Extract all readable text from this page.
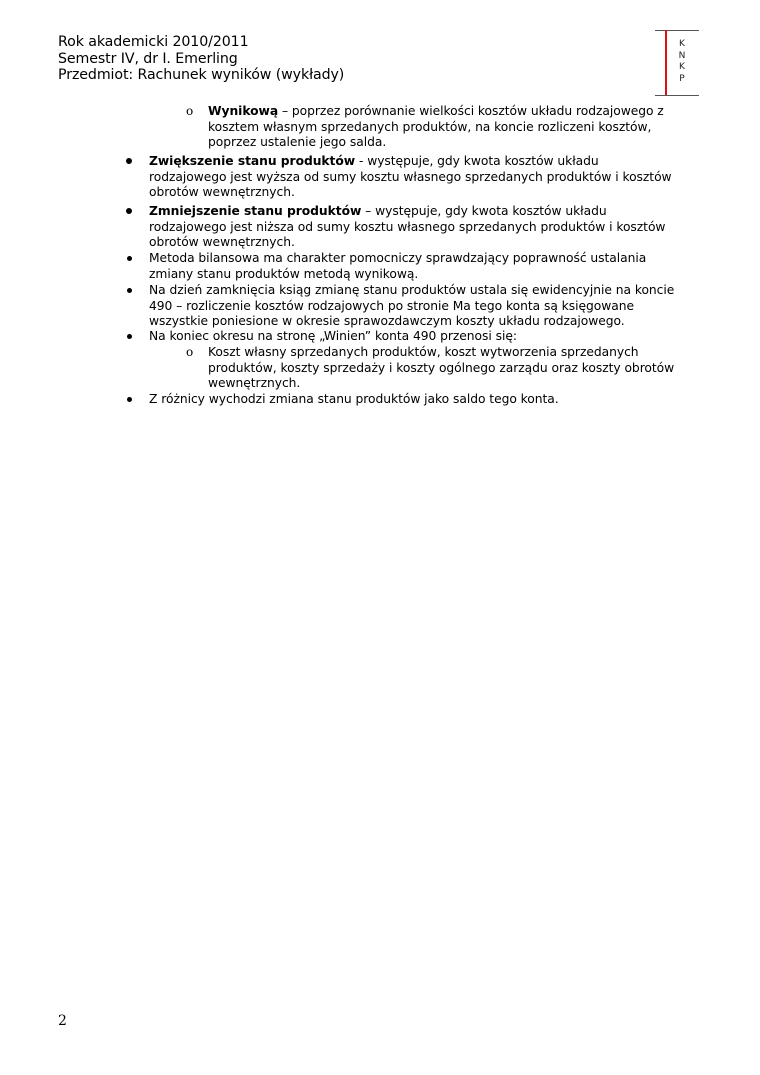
Rok akademicki 2010/2011
Semestr IV, dr I. Emerling
Przedmiot: Rachunek wyników (wykłady)
K
N
K
P
o Wynikową – poprzez porównanie wielkości kosztów układu rodzajowego z
kosztem własnym sprzedanych produktów, na koncie rozliczeni kosztów,
poprzez ustalenie jego salda.
Zwiększenie stanu produktów - występuje, gdy kwota kosztów układu
rodzajowego jest wyższa od sumy kosztu własnego sprzedanych produktów i kosztów
obrotów wewnętrznych.
Zmniejszenie stanu produktów – występuje, gdy kwota kosztów układu
rodzajowego jest niższa od sumy kosztu własnego sprzedanych produktów i kosztów
obrotów wewnętrznych.
Metoda bilansowa ma charakter pomocniczy sprawdzający poprawność ustalania
zmiany stanu produktów metodą wynikową.
Na dzień zamknięcia ksiąg zmianę stanu produktów ustala się ewidencyjnie na koncie
490 – rozliczenie kosztów rodzajowych po stronie Ma tego konta są księgowane
wszystkie poniesione w okresie sprawozdawczym koszty układu rodzajowego.
Na koniec okresu na stronę „Winien” konta 490 przenosi się:
o Koszt własny sprzedanych produktów, koszt wytworzenia sprzedanych
produktów, koszty sprzedaży i koszty ogólnego zarządu oraz koszty obrotów
wewnętrznych.
Z różnicy wychodzi zmiana stanu produktów jako saldo tego konta.
2
